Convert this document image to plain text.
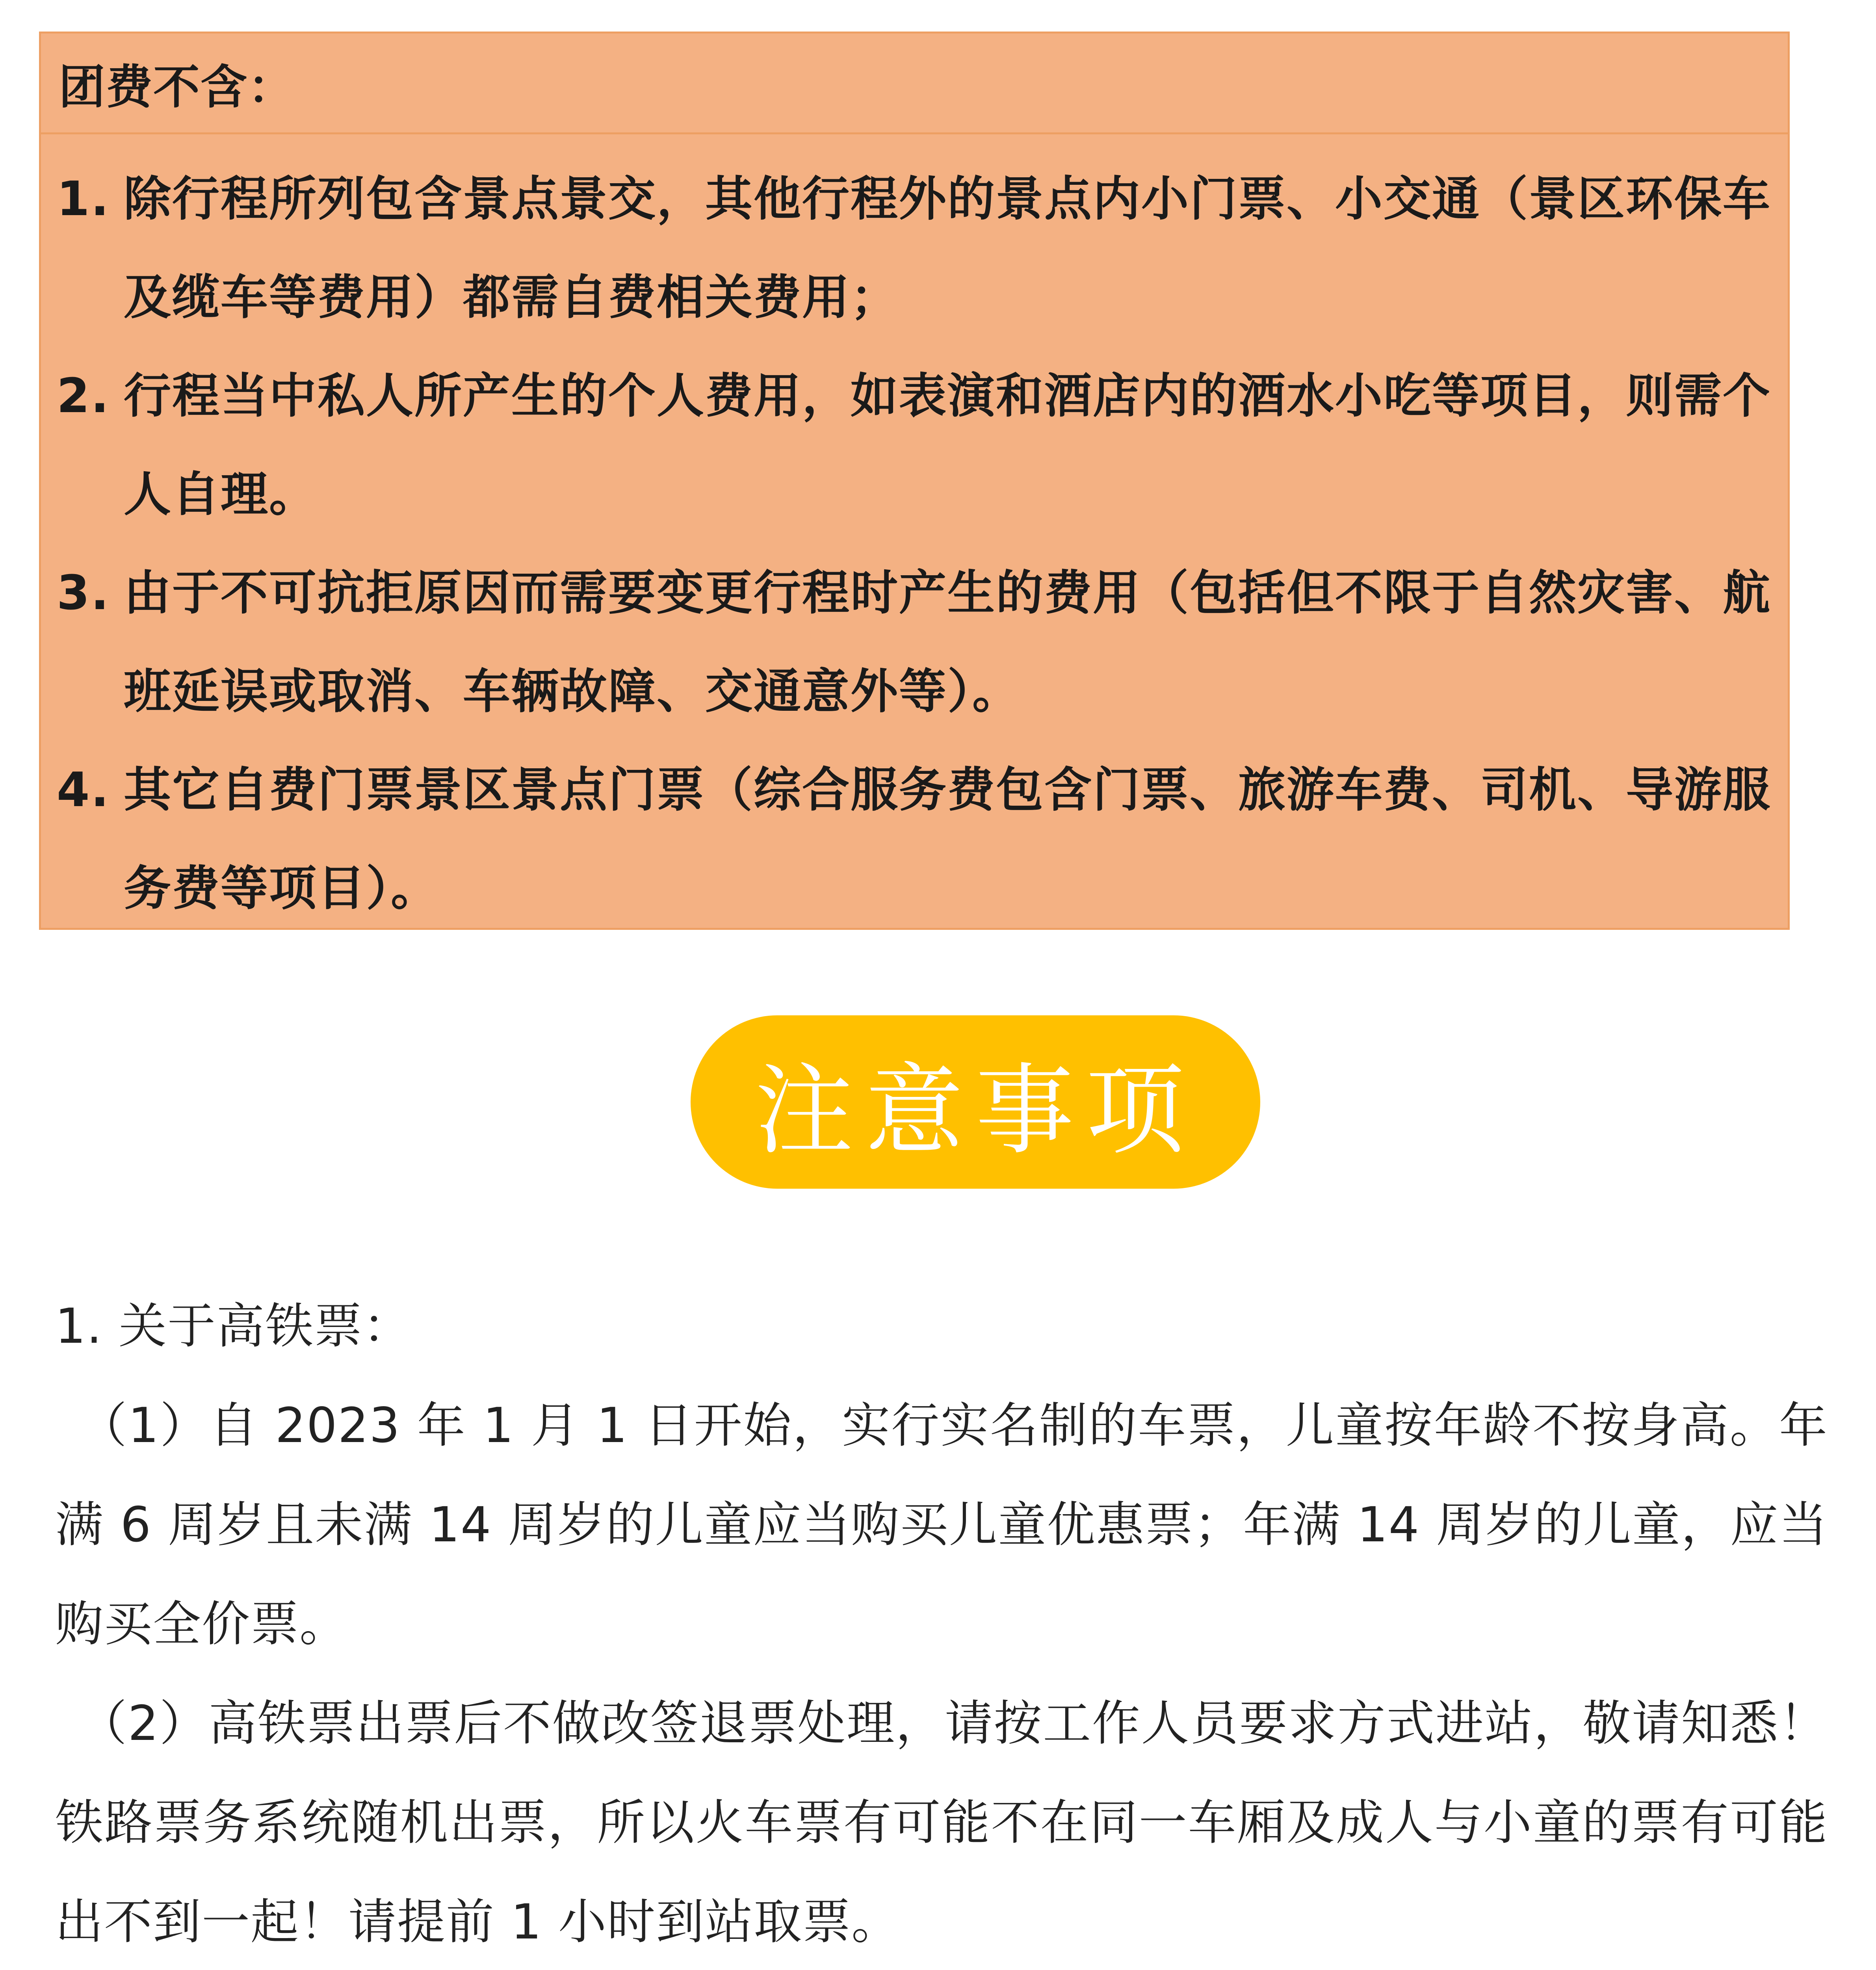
团费不含：
1. 除行程所列包含景点景交，其他行程外的景点内小门票、小交通（景区环保车及缆车等费用）都需自费相关费用；
2. 行程当中私人所产生的个人费用，如表演和酒店内的酒水小吃等项目，则需个人自理。
3. 由于不可抗拒原因而需要变更行程时产生的费用（包括但不限于自然灾害、航班延误或取消、车辆故障、交通意外等）。
4. 其它自费门票景区景点门票（综合服务费包含门票、旅游车费、司机、导游服务费等项目）。
注意事项

1. 关于高铁票：

（1）自 2023 年 1 月 1 日开始，实行实名制的车票，儿童按年龄不按身高。年满 6 周岁且未满 14 周岁的儿童应当购买儿童优惠票；年满 14 周岁的儿童，应当购买全价票。

（2）高铁票出票后不做改签退票处理，请按工作人员要求方式进站，敬请知悉！铁路票务系统随机出票，所以火车票有可能不在同一车厢及成人与小童的票有可能出不到一起！请提前 1 小时到站取票。
